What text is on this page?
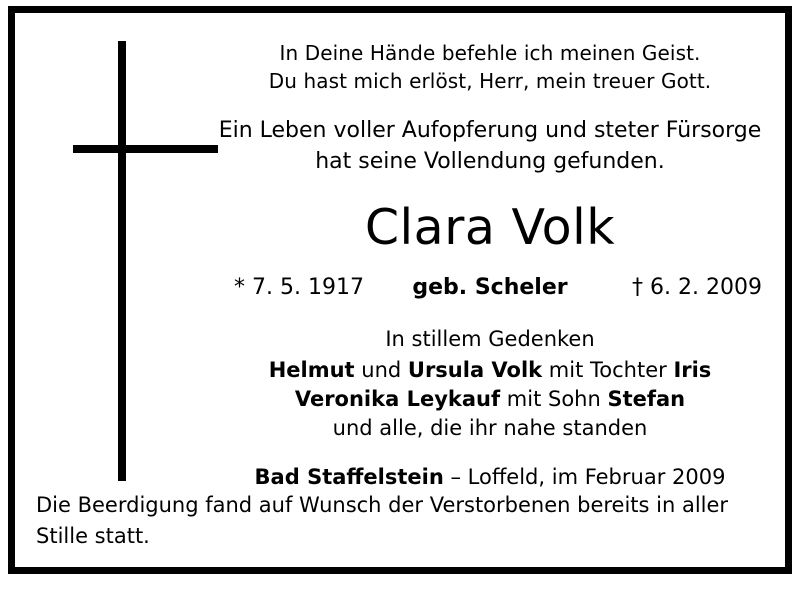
In Deine Hände befehle ich meinen Geist.
Du hast mich erlöst, Herr, mein treuer Gott.
Ein Leben voller Aufopferung und steter Fürsorge
hat seine Vollendung gefunden.
Clara Volk
* 7. 5. 1917	geb. Scheler	† 6. 2. 2009
In stillem Gedenken
Helmut und Ursula Volk mit Tochter Iris
Veronika Leykauf mit Sohn Stefan
und alle, die ihr nahe standen
Bad Staffelstein – Loffeld, im Februar 2009
Die Beerdigung fand auf Wunsch der Verstorbenen bereits in aller
Stille statt.
